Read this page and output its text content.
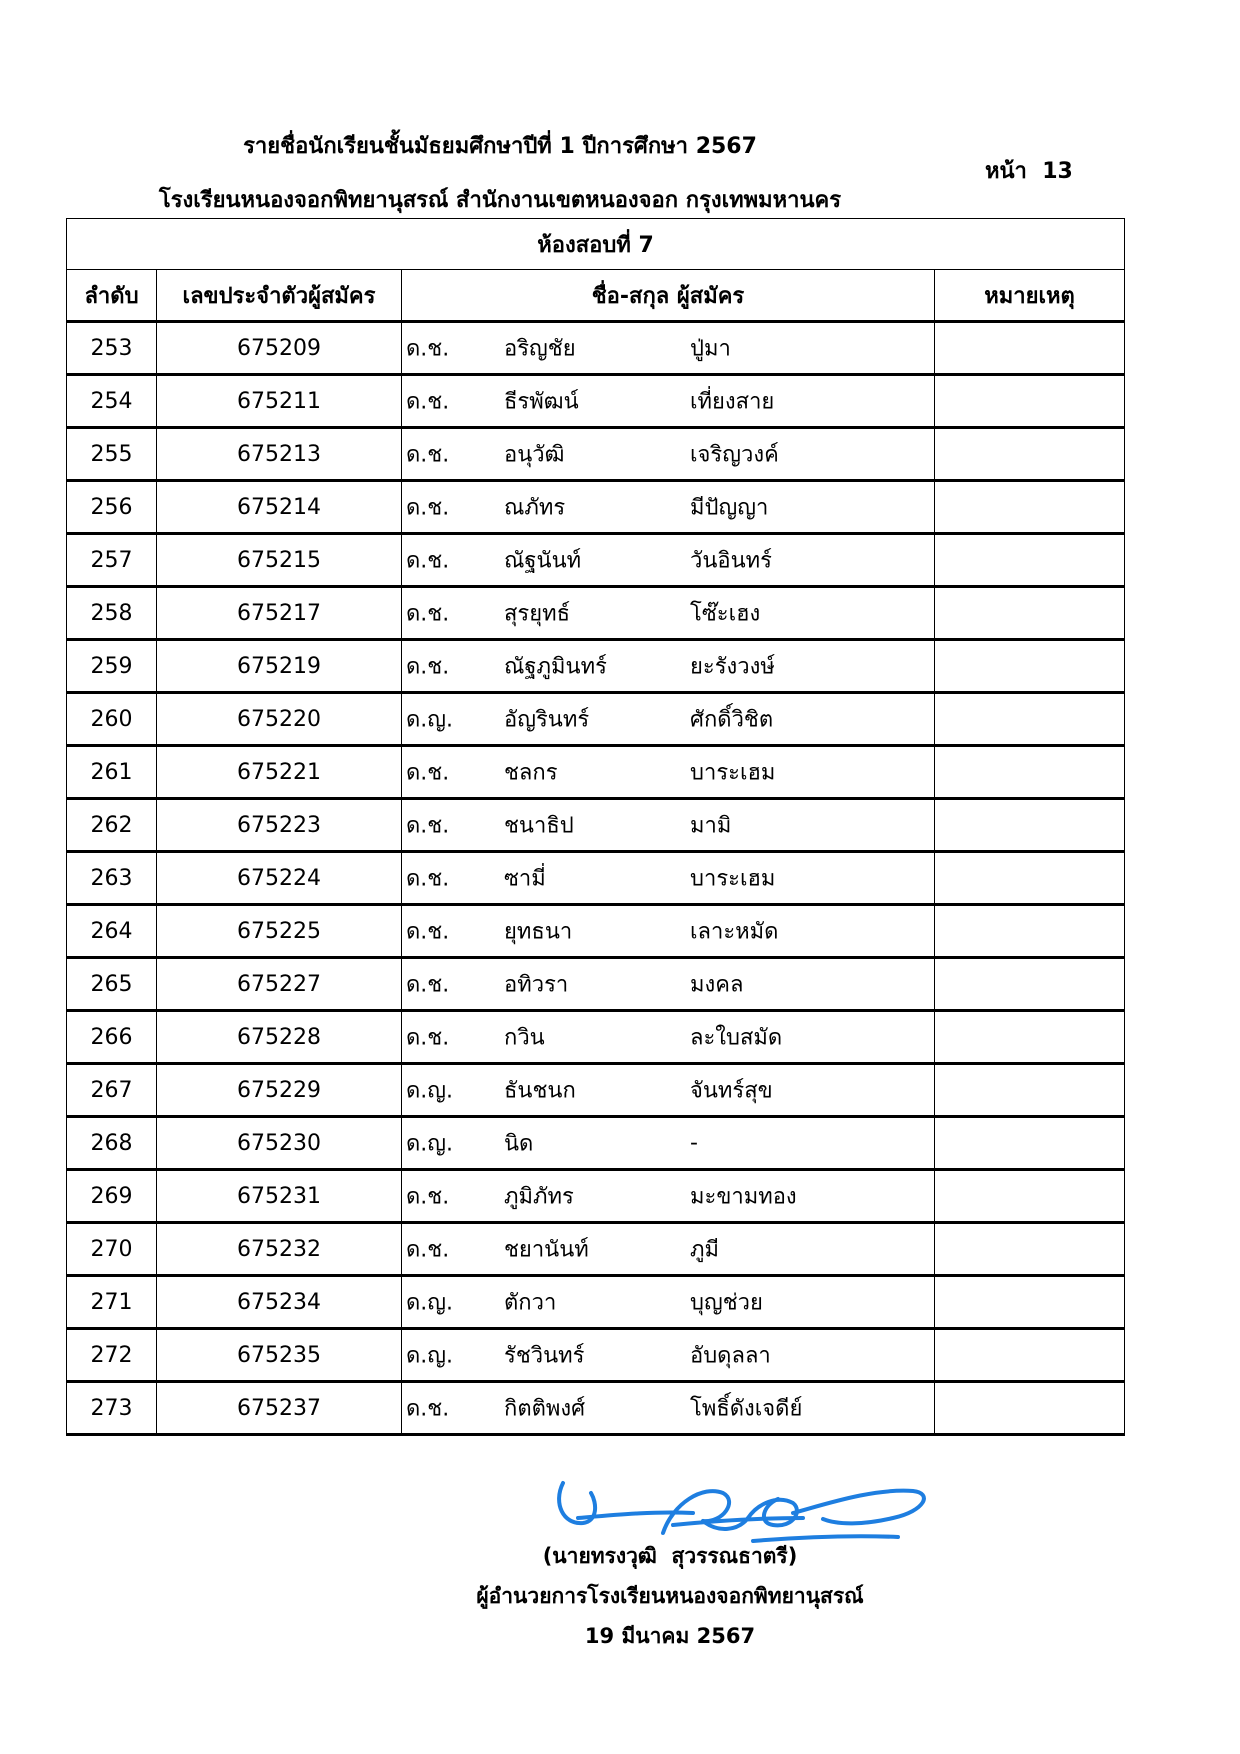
รายชื่อนักเรียนชั้นมัธยมศึกษาปีที่ 1 ปีการศึกษา 2567
หน้า  13
โรงเรียนหนองจอกพิทยานุสรณ์ สำนักงานเขตหนองจอก กรุงเทพมหานคร
ห้องสอบที่ 7			
ลำดับ	เลขประจำตัวผู้สมัคร	ชื่อ-สกุล ผู้สมัคร	หมายเหตุ
253	675209	ด.ช. อริญชัย ปู่มา	

254	675211	ด.ช. ธีรพัฒน์ เที่ยงสาย	

255	675213	ด.ช. อนุวัฒิ เจริญวงค์	

256	675214	ด.ช. ณภัทร มีปัญญา	

257	675215	ด.ช. ณัฐนันท์ วันอินทร์	

258	675217	ด.ช. สุรยุทธ์ โซ๊ะเฮง	

259	675219	ด.ช. ณัฐภูมินทร์ ยะรังวงษ์	

260	675220	ด.ญ. อัญรินทร์ ศักดิ์วิชิต	

261	675221	ด.ช. ชลกร บาระเฮม	

262	675223	ด.ช. ชนาธิป มามิ	

263	675224	ด.ช. ซามี่ บาระเฮม	

264	675225	ด.ช. ยุทธนา เลาะหมัด	

265	675227	ด.ช. อทิวรา มงคล	

266	675228	ด.ช. กวิน ละใบสมัด	

267	675229	ด.ญ. ธันชนก จันทร์สุข	

268	675230	ด.ญ. นิด -	

269	675231	ด.ช. ภูมิภัทร มะขามทอง	

270	675232	ด.ช. ชยานันท์ ภูมี	

271	675234	ด.ญ. ตักวา บุญช่วย	

272	675235	ด.ญ. รัชวินทร์ อับดุลลา	

273	675237	ด.ช. กิตติพงศ์ โพธิ์ดังเจดีย์	

(นายทรงวุฒิ  สุวรรณธาตรี)
ผู้อำนวยการโรงเรียนหนองจอกพิทยานุสรณ์
19 มีนาคม 2567
